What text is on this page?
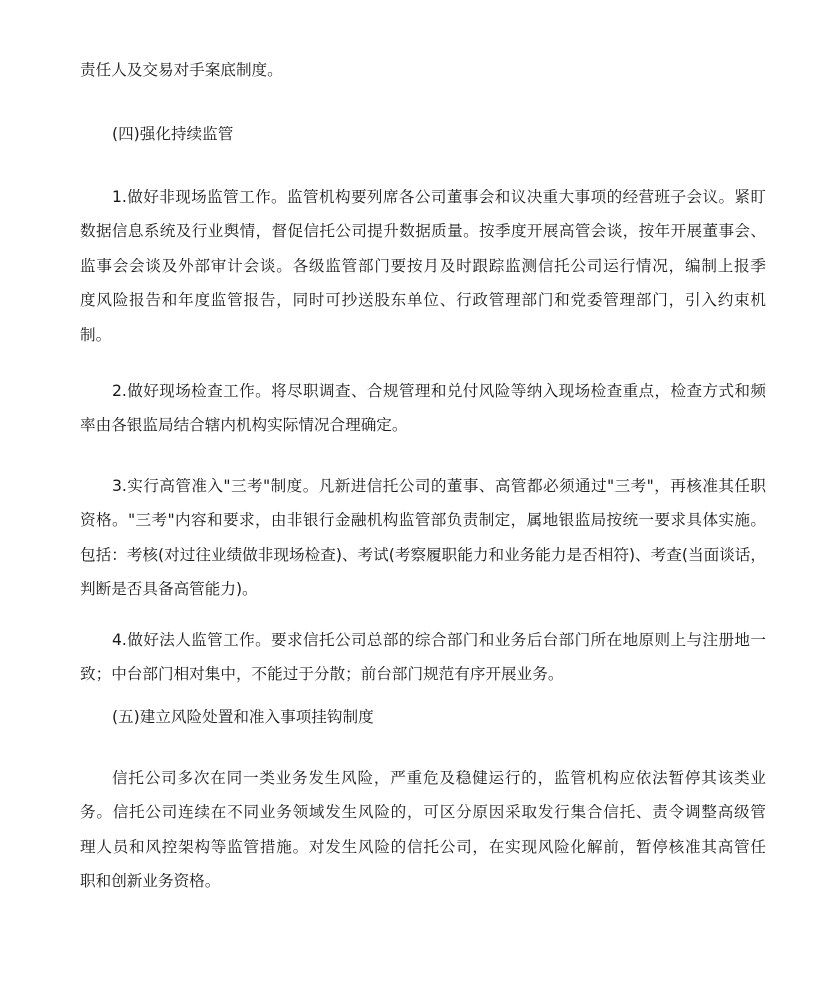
责任人及交易对手案底制度。
(四)强化持续监管
1.做好非现场监管工作。监管机构要列席各公司董事会和议决重大事项的经营班子会议。紧盯
数据信息系统及行业舆情，督促信托公司提升数据质量。按季度开展高管会谈，按年开展董事会、
监事会会谈及外部审计会谈。各级监管部门要按月及时跟踪监测信托公司运行情况，编制上报季
度风险报告和年度监管报告，同时可抄送股东单位、行政管理部门和党委管理部门，引入约束机
制。
2.做好现场检查工作。将尽职调查、合规管理和兑付风险等纳入现场检查重点，检查方式和频
率由各银监局结合辖内机构实际情况合理确定。
3.实行高管准入"三考"制度。凡新进信托公司的董事、高管都必须通过"三考"，再核准其任职
资格。"三考"内容和要求，由非银行金融机构监管部负责制定，属地银监局按统一要求具体实施。
包括：考核(对过往业绩做非现场检查)、考试(考察履职能力和业务能力是否相符)、考查(当面谈话，
判断是否具备高管能力)。
4.做好法人监管工作。要求信托公司总部的综合部门和业务后台部门所在地原则上与注册地一
致；中台部门相对集中，不能过于分散；前台部门规范有序开展业务。
(五)建立风险处置和准入事项挂钩制度
信托公司多次在同一类业务发生风险，严重危及稳健运行的，监管机构应依法暂停其该类业
务。信托公司连续在不同业务领域发生风险的，可区分原因采取发行集合信托、责令调整高级管
理人员和风控架构等监管措施。对发生风险的信托公司，在实现风险化解前，暂停核准其高管任
职和创新业务资格。
